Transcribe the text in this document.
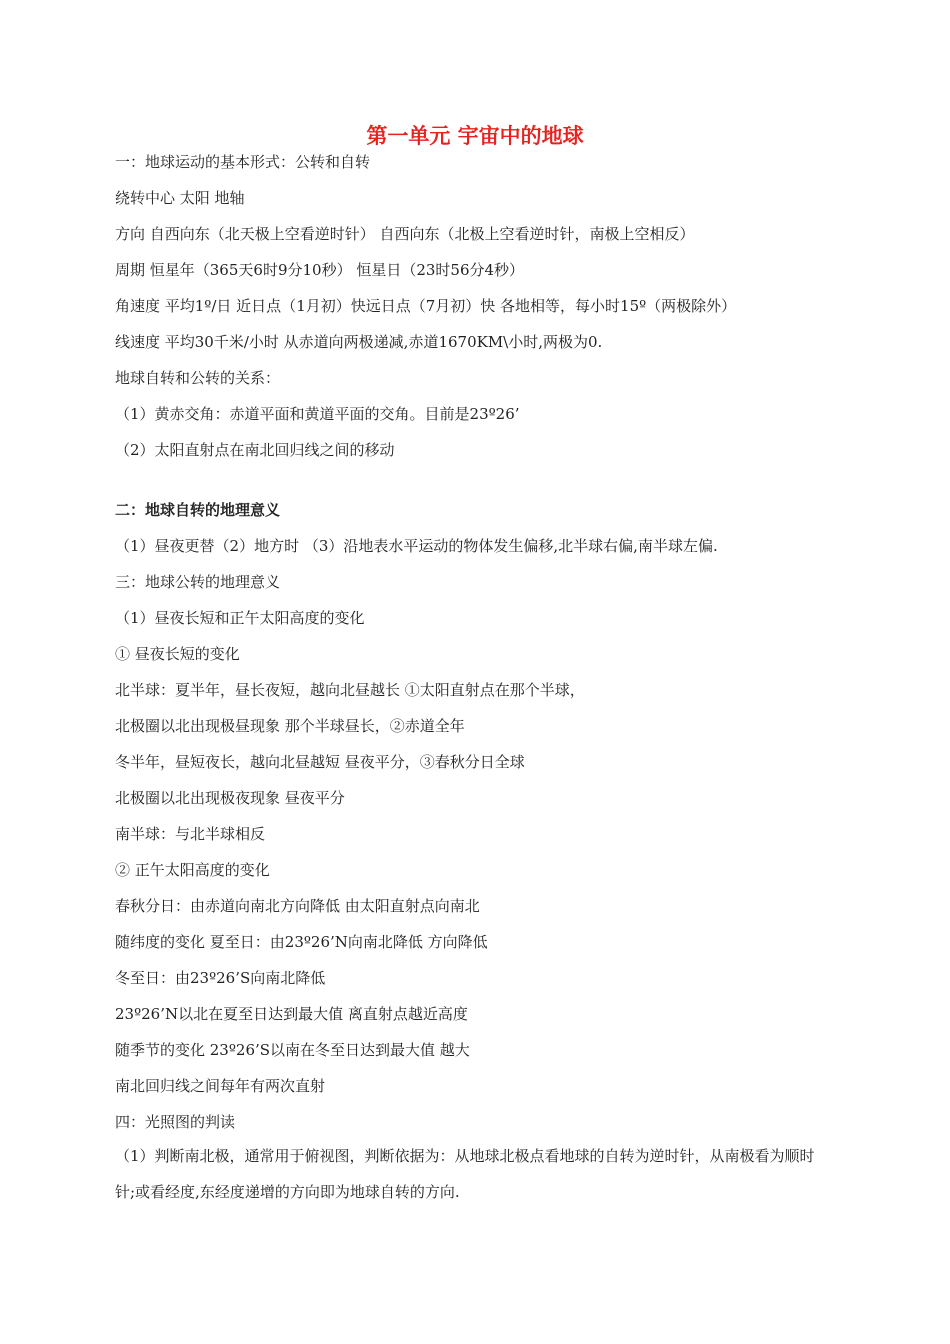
第一单元 宇宙中的地球

一：地球运动的基本形式：公转和自转

绕转中心 太阳 地轴

方向 自西向东（北天极上空看逆时针） 自西向东（北极上空看逆时针，南极上空相反）

周期 恒星年（365天6时9分10秒） 恒星日（23时56分4秒）

角速度 平均1º/日 近日点（1月初）快远日点（7月初）快 各地相等，每小时15º（两极除外）

线速度 平均30千米/小时 从赤道向两极递减,赤道1670KM\小时,两极为0.

地球自转和公转的关系：

（1）黄赤交角：赤道平面和黄道平面的交角。目前是23º26’

（2）太阳直射点在南北回归线之间的移动

二：地球自转的地理意义

（1）昼夜更替（2）地方时 （3）沿地表水平运动的物体发生偏移,北半球右偏,南半球左偏.

三：地球公转的地理意义

（1）昼夜长短和正午太阳高度的变化

① 昼夜长短的变化

北半球：夏半年，昼长夜短，越向北昼越长 ①太阳直射点在那个半球，

北极圈以北出现极昼现象 那个半球昼长，②赤道全年

冬半年，昼短夜长，越向北昼越短 昼夜平分，③春秋分日全球

北极圈以北出现极夜现象 昼夜平分

南半球：与北半球相反

② 正午太阳高度的变化

春秋分日：由赤道向南北方向降低 由太阳直射点向南北

随纬度的变化 夏至日：由23º26’N向南北降低 方向降低

冬至日：由23º26’S向南北降低

23º26’N以北在夏至日达到最大值 离直射点越近高度

随季节的变化 23º26’S以南在冬至日达到最大值 越大

南北回归线之间每年有两次直射

四：光照图的判读

（1）判断南北极，通常用于俯视图，判断依据为：从地球北极点看地球的自转为逆时针，从南极看为顺时针;或看经度,东经度递增的方向即为地球自转的方向.
